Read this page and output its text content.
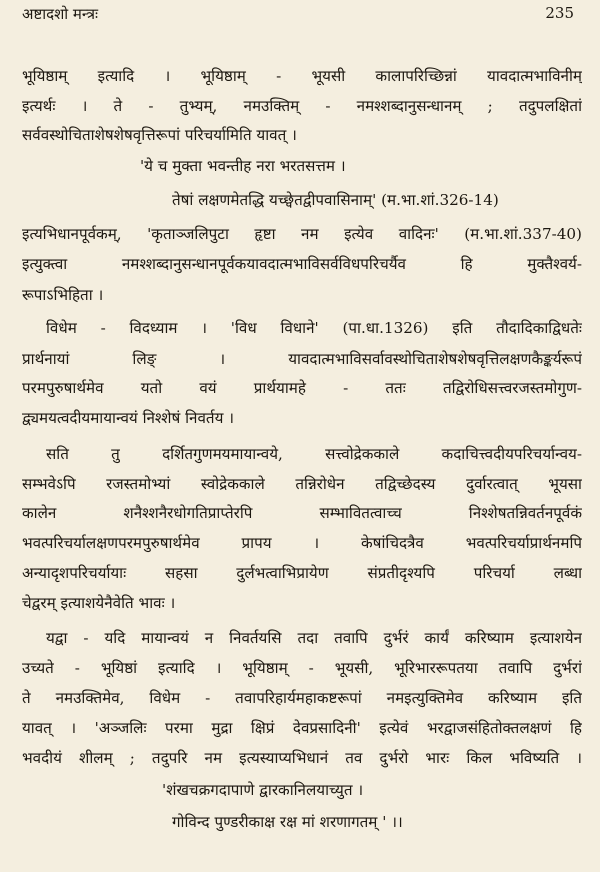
अष्टादशो मन्त्रः	235
भूयिष्ठाम् इत्यादि । भूयिष्ठाम् - भूयसी कालापरिच्छिन्नां यावदात्मभाविनीम्
इत्यर्थः । ते - तुभ्यम्, नमउक्तिम् - नमश्शब्दानुसन्धानम् ; तदुपलक्षितां
सर्ववस्थोचिताशेषशेषवृत्तिरूपां परिचर्यामिति यावत् ।
'ये च मुक्ता भवन्तीह नरा भरतसत्तम ।
तेषां लक्षणमेतद्धि यच्छ्वेतद्वीपवासिनाम्' (म.भा.शां.326-14)
इत्यभिधानपूर्वकम्, 'कृताञ्जलिपुटा हृष्टा नम इत्येव वादिनः' (म.भा.शां.337-40)
इत्युक्त्वा नमश्शब्दानुसन्धानपूर्वकयावदात्मभाविसर्वविधपरिचर्यैव हि मुक्तैश्वर्य-
रूपाऽभिहिता ।
विधेम - विदध्याम । 'विध विधाने' (पा.धा.1326) इति तौदादिकाद्विधतेः
प्रार्थनायां लिङ् । यावदात्मभाविसर्वावस्थोचिताशेषशेषवृत्तिलक्षणकैङ्कर्यरूपं
परमपुरुषार्थमेव यतो वयं प्रार्थयामहे - ततः तद्विरोधिसत्त्वरजस्तमोगुण-
द्व्यमयत्वदीयमायान्वयं निश्शेषं निवर्तय ।
सति तु दर्शितगुणमयमायान्वये, सत्त्वोद्रेककाले कदाचित्त्वदीयपरिचर्यान्वय-
सम्भवेऽपि रजस्तमोभ्यां स्वोद्रेककाले तन्निरोधेन तद्विच्छेदस्य दुर्वारत्वात् भूयसा
कालेन शनैश्शनैरधोगतिप्राप्तेरपि सम्भावितत्वाच्च निश्शेषतन्निवर्तनपूर्वकं
भवत्परिचर्यालक्षणपरमपुरुषार्थमेव प्रापय । केषांचिदत्रैव भवत्परिचर्याप्रार्थनमपि
अन्यादृशपरिचर्यायाः सहसा दुर्लभत्वाभिप्रायेण संप्रतीदृश्यपि परिचर्या लब्धा
चेद्वरम् इत्याशयेनैवेति भावः ।
यद्वा - यदि मायान्वयं न निवर्तयसि तदा तवापि दुर्भरं कार्यं करिष्याम इत्याशयेन
उच्यते - भूयिष्ठां इत्यादि । भूयिष्ठाम् - भूयसी, भूरिभाररूपतया तवापि दुर्भरां
ते नमउक्तिमेव, विधेम - तवापरिहार्यमहाकष्टरूपां नमइत्युक्तिमेव करिष्याम इति
यावत् । 'अञ्जलिः परमा मुद्रा क्षिप्रं देवप्रसादिनी' इत्येवं भरद्वाजसंहितोक्तलक्षणं हि
भवदीयं शीलम् ; तदुपरि नम इत्यस्याप्यभिधानं तव दुर्भरो भारः किल भविष्यति ।
'शंखचक्रगदापाणे द्वारकानिलयाच्युत ।
गोविन्द पुण्डरीकाक्ष रक्ष मां शरणागतम् ' ।।
